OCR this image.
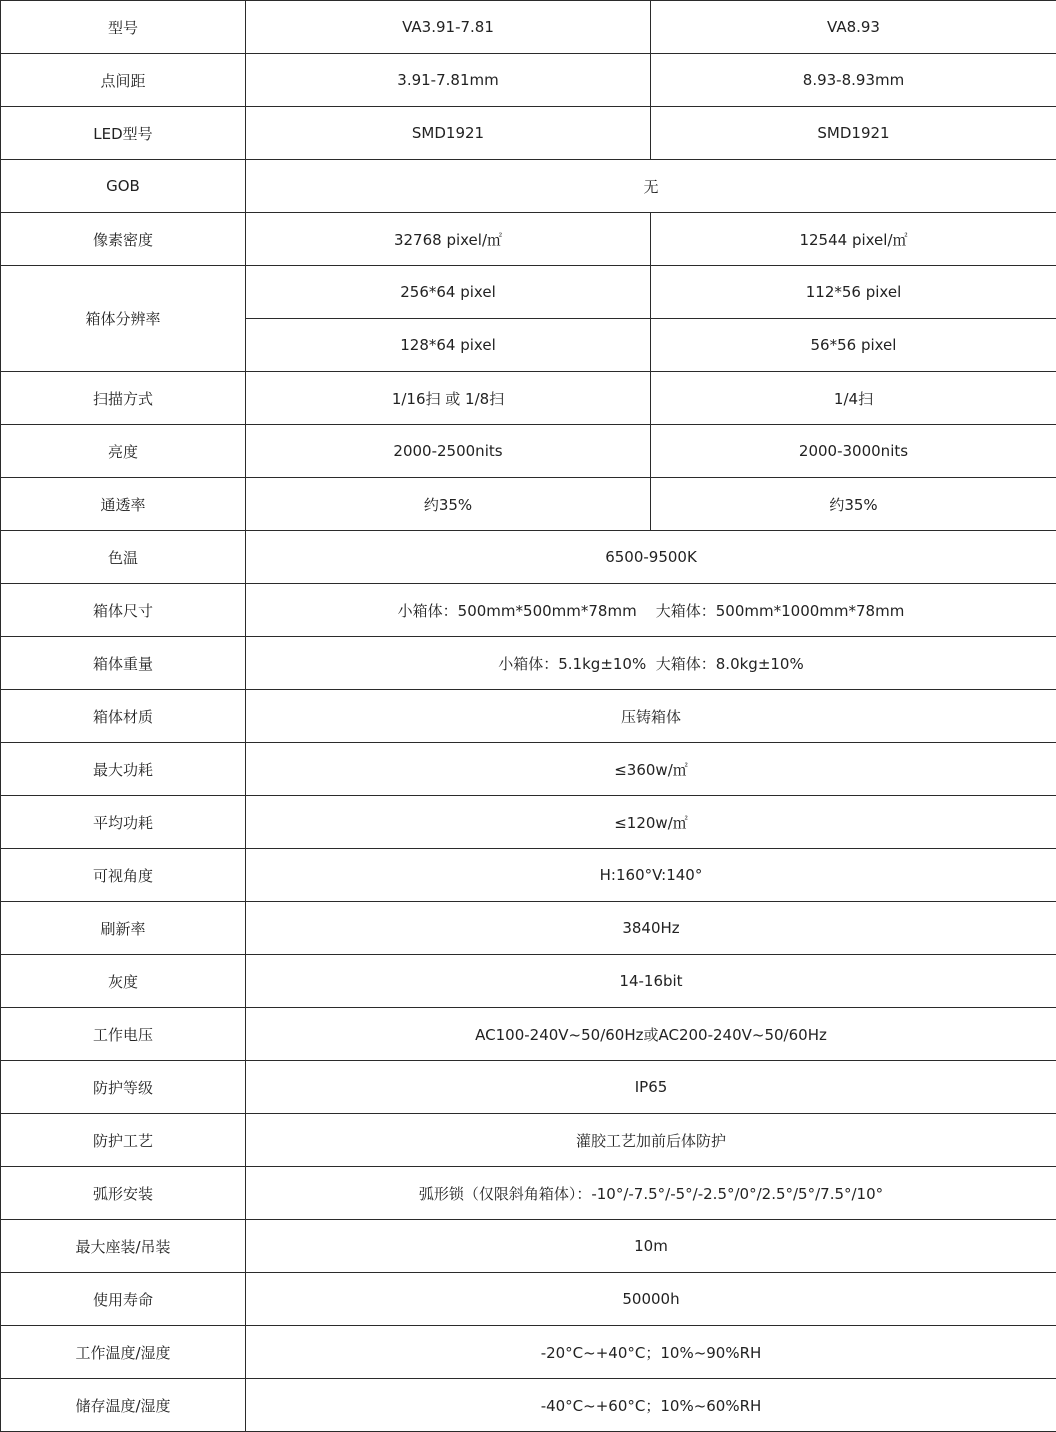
型号	VA3.91-7.81	VA8.93
点间距	3.91-7.81mm	8.93-8.93mm
LED型号	SMD1921	SMD1921
GOB	无	
像素密度	32768 pixel/㎡	12544 pixel/㎡
箱体分辨率	256*64 pixel	112*56 pixel
	128*64 pixel	56*56 pixel
扫描方式	1/16扫 或 1/8扫	1/4扫
亮度	2000-2500nits	2000-3000nits
通透率	约35%	约35%
色温	6500-9500K	
箱体尺寸	小箱体：500mm*500mm*78mm    大箱体：500mm*1000mm*78mm	
箱体重量	小箱体：5.1kg±10%  大箱体：8.0kg±10%	
箱体材质	压铸箱体	
最大功耗	≤360w/㎡	
平均功耗	≤120w/㎡	
可视角度	H:160°V:140°	
刷新率	3840Hz	
灰度	14-16bit	
工作电压	AC100-240V~50/60Hz或AC200-240V~50/60Hz	
防护等级	IP65	
防护工艺	灌胶工艺加前后体防护	
弧形安装	弧形锁（仅限斜角箱体）：-10°/-7.5°/-5°/-2.5°/0°/2.5°/5°/7.5°/10°	
最大座装/吊装	10m	
使用寿命	50000h	
工作温度/湿度	-20°C~+40°C；10%~90%RH	
储存温度/湿度	-40°C~+60°C；10%~60%RH	
